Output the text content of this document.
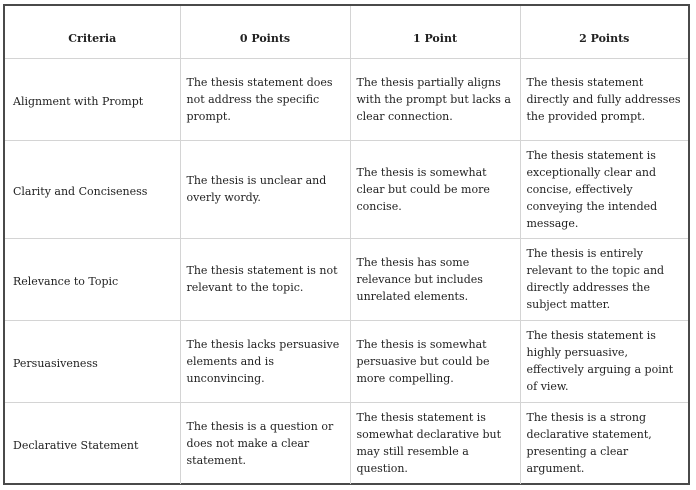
Criteria	0 Points	1 Point	2 Points
Alignment with Prompt	The thesis statement does not address the specific prompt.	The thesis partially aligns with the prompt but lacks a clear connection.	The thesis statement directly and fully addresses the provided prompt.
Clarity and Conciseness	The thesis is unclear and overly wordy.	The thesis is somewhat clear but could be more concise.	The thesis statement is exceptionally clear and concise, effectively conveying the intended message.
Relevance to Topic	The thesis statement is not relevant to the topic.	The thesis has some relevance but includes unrelated elements.	The thesis is entirely relevant to the topic and directly addresses the subject matter.
Persuasiveness	The thesis lacks persuasive elements and is unconvincing.	The thesis is somewhat persuasive but could be more compelling.	The thesis statement is highly persuasive, effectively arguing a point of view.
Declarative Statement	The thesis is a question or does not make a clear statement.	The thesis statement is somewhat declarative but may still resemble a question.	The thesis is a strong declarative statement, presenting a clear argument.
